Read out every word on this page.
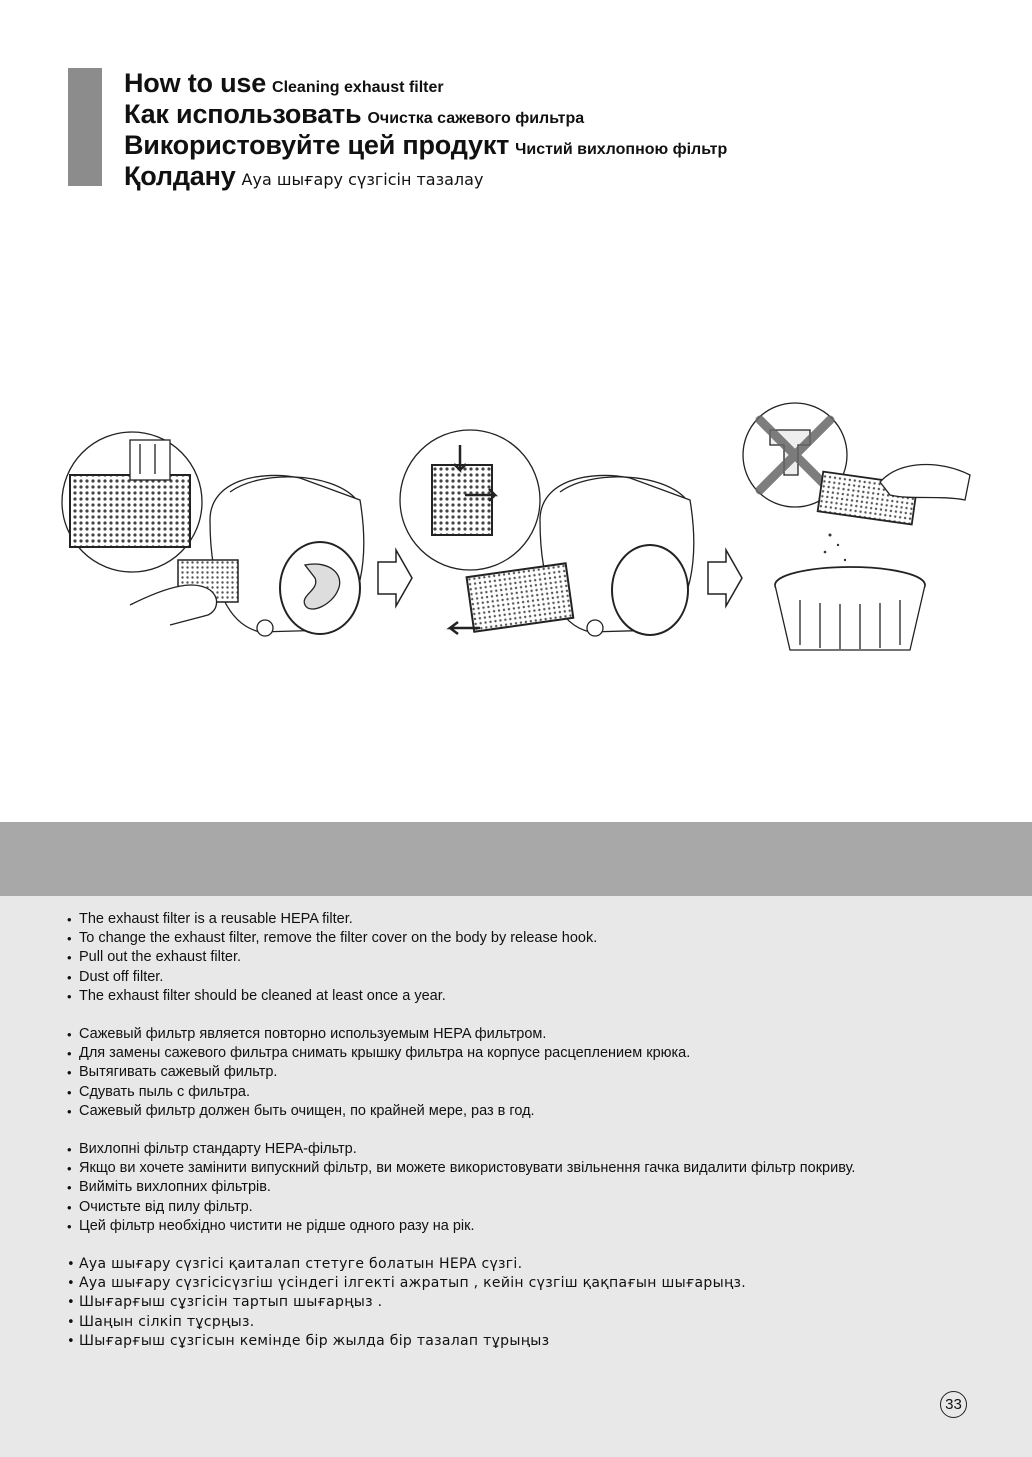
How to use Cleaning exhaust filter
Как использовать Очистка сажевого фильтра
Використовуйте цей продукт Чистий вихлопною фільтр
Қолдану Ауа шығару сүзгісін тазалау
• The exhaust filter is a reusable HEPA filter.
• To change the exhaust filter, remove the filter cover on the body by release hook.
• Pull out the exhaust filter.
• Dust off filter.
• The exhaust filter should be cleaned at least once a year.
• Сажевый фильтр является повторно используемым HEPA фильтром.
• Для замены сажевого фильтра снимать крышку фильтра на корпусе расцеплением крюка.
• Вытягивать сажевый фильтр.
• Сдувать пыль с фильтра.
• Сажевый фильтр должен быть очищен, по крайней мере, раз в год.
• Вихлопні фільтр стандарту HEPA-фільтр.
• Якщо ви хочете замінити випускний фільтр, ви можете використовувати звільнення гачка видалити фільтр покриву.
• Вийміть вихлопних фільтрів.
• Очистьте від пилу фільтр.
• Цей фільтр необхідно чистити не рідше одного разу на рік.
• Ауа шығару сүзгісі қаиталап стетуге болатын HEPA сүзгі.
• Ауа шығару сүзгісісүзгіш үсіндегі ілгекті ажратып , кейін сүзгіш қақпағын шығарыңз.
• Шығарғыш сұзгісін тартып шығарңыз .
• Шаңын сілкіп тұсрңыз.
• Шығарғыш сұзгісын кемінде бір жылда бір тазалап тұрыңыз
33
